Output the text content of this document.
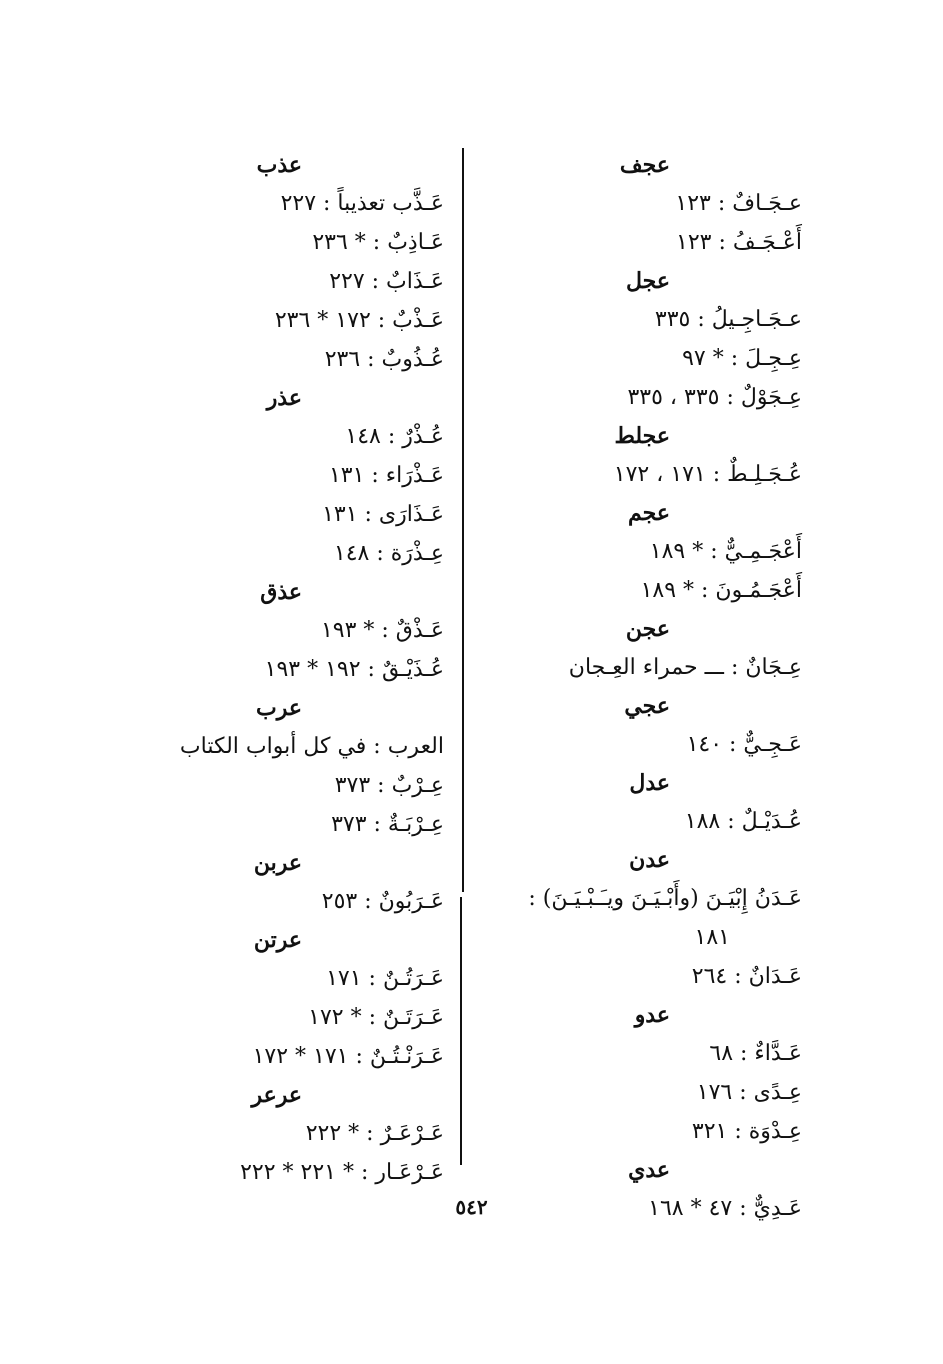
عجف
عـجَـافٌ : ١٢٣
أَعْـجَـفُ : ١٢٣
عجل
عـجَـاجِـيلُ : ٣٣٥
عِـجِـلَ : * ٩٧
عِـجَوْلٌ : ٣٣٥ ، ٣٣٥
عجلط
عُـجَـلِـطٌ : ١٧١ ، ١٧٢
عجم
أَعْجَـمِـيٌّ : * ١٨٩
أَعْجَـمُـونَ : * ١٨٩
عجن
عِـجَانٌ : ـــ حمراء العِـجان
عجي
عَـجِـيٌّ : ١٤٠
عدل
عُـدَيْـلٌ : ١٨٨
عدن
عَـدَنُ إِبْيَـنَ (وأَبْـيَـنَ ويـَـبْـيَـنَ) :
١٨١
عَـدَانٌ : ٢٦٤
عدو
عَـدَّاءٌ : ٦٨
عِـدًى : ١٧٦
عِـدْوَة : ٣٢١
عدي
عَـدِيٌّ : ٤٧ * ١٦٨
عذب
عَـذَّب تعذيباً : ٢٢٧
عَـاذِبٌ : * ٢٣٦
عَـذَابٌ : ٢٢٧
عَـذْبٌ : ١٧٢ * ٢٣٦
عُـذُوبٌ : ٢٣٦
عذر
عُـذْرٌ : ١٤٨
عَـذْرَاء : ١٣١
عَـذَارَى : ١٣١
عِـذْرَة : ١٤٨
عذق
عَـذْقٌ : * ١٩٣
عُـذَيْـقٌ : ١٩٢ * ١٩٣
عرب
العرب : في كل أبواب الكتاب
عِـرْبٌ : ٣٧٣
عِـرْبَـةٌ : ٣٧٣
عربن
عَـرَبُونٌ : ٢٥٣
عرتن
عَـرَتُـنٌ : ١٧١
عَـرَتَـنٌ : * ١٧٢
عَـرَنْـتُـنٌ : ١٧١ * ١٧٢
عرعر
عَـرْعَـرٌ : * ٢٢٢
عَـرْعَـار : * ٢٢١ * ٢٢٢
٥٤٢
